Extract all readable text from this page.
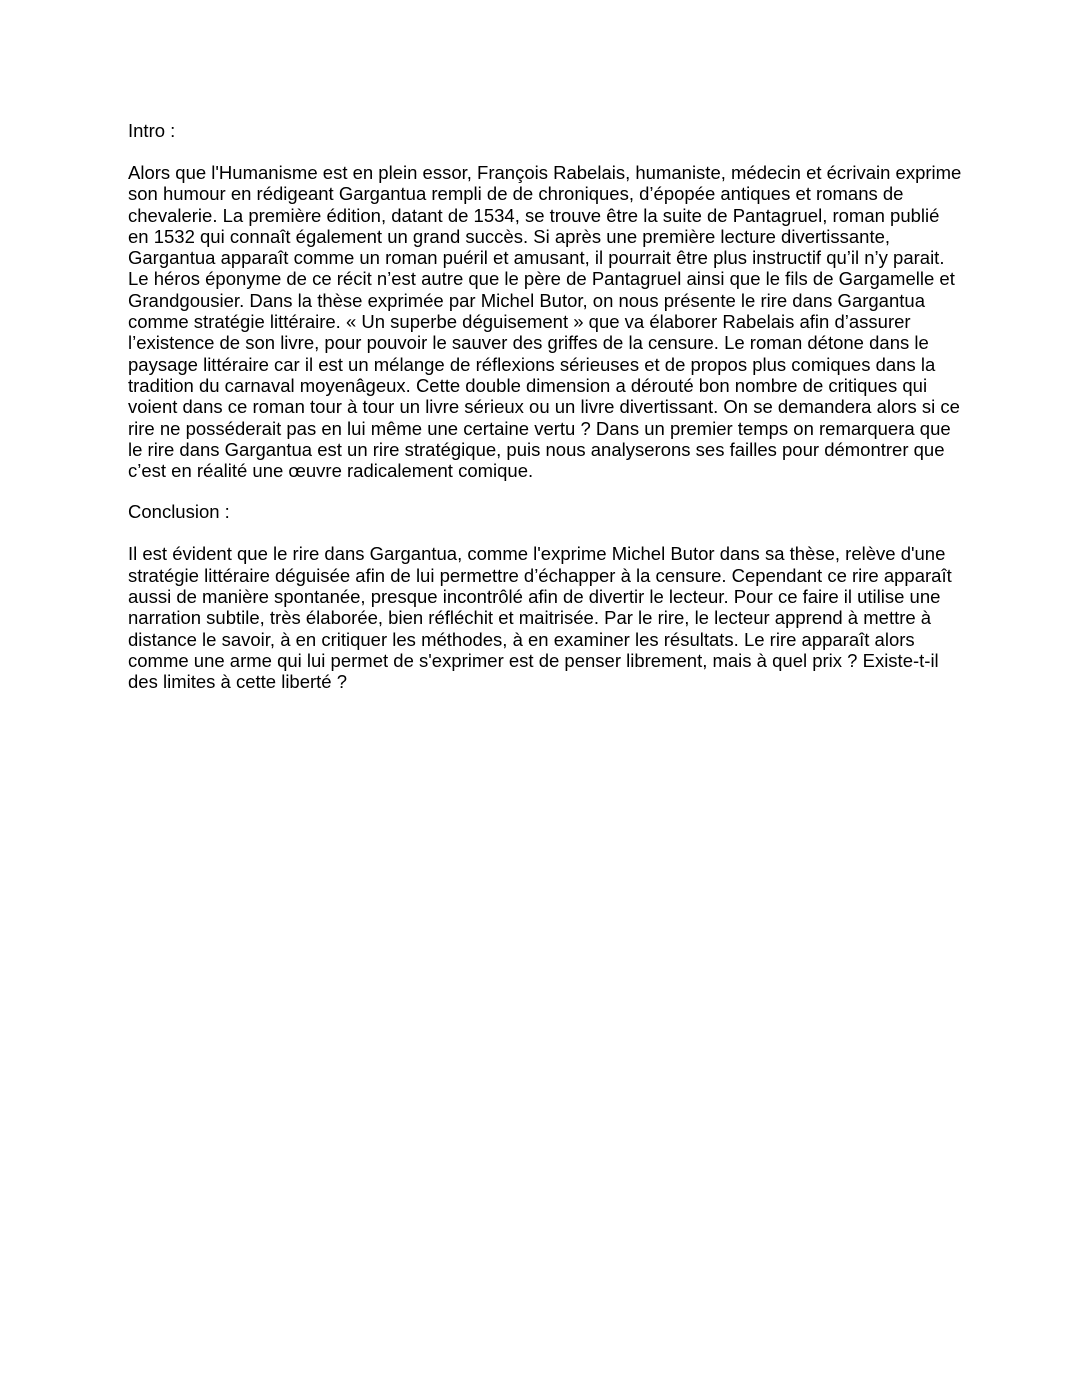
Intro :

Alors que l'Humanisme est en plein essor, François Rabelais, humaniste, médecin et écrivain exprime son humour en rédigeant Gargantua rempli de de chroniques, d’épopée antiques et romans de chevalerie. La première édition, datant de 1534, se trouve être la suite de Pantagruel, roman publié en 1532 qui connaît également un grand succès. Si après une première lecture divertissante, Gargantua apparaît comme un roman puéril et amusant, il pourrait être plus instructif qu’il n’y parait. Le héros éponyme de ce récit n’est autre que le père de Pantagruel ainsi que le fils de Gargamelle et Grandgousier. Dans la thèse exprimée par Michel Butor, on nous présente le rire dans Gargantua comme stratégie littéraire. « Un superbe déguisement » que va élaborer Rabelais afin d’assurer l’existence de son livre, pour pouvoir le sauver des griffes de la censure. Le roman détone dans le paysage littéraire car il est un mélange de réflexions sérieuses et de propos plus comiques dans la tradition du carnaval moyenâgeux. Cette double dimension a dérouté bon nombre de critiques qui voient dans ce roman tour à tour un livre sérieux ou un livre divertissant. On se demandera alors si ce rire ne posséderait pas en lui même une certaine vertu ? Dans un premier temps on remarquera que le rire dans Gargantua est un rire stratégique, puis nous analyserons ses failles pour démontrer que c’est en réalité une œuvre radicalement comique.

Conclusion :

Il est évident que le rire dans Gargantua, comme l'exprime Michel Butor dans sa thèse, relève d'une stratégie littéraire déguisée afin de lui permettre d’échapper à la censure. Cependant ce rire apparaît aussi de manière spontanée, presque incontrôlé afin de divertir le lecteur. Pour ce faire il utilise une narration subtile, très élaborée, bien réfléchit et maitrisée. Par le rire, le lecteur apprend à mettre à distance le savoir, à en critiquer les méthodes, à en examiner les résultats. Le rire apparaît alors comme une arme qui lui permet de s'exprimer est de penser librement, mais à quel prix ? Existe-t-il des limites à cette liberté ?
